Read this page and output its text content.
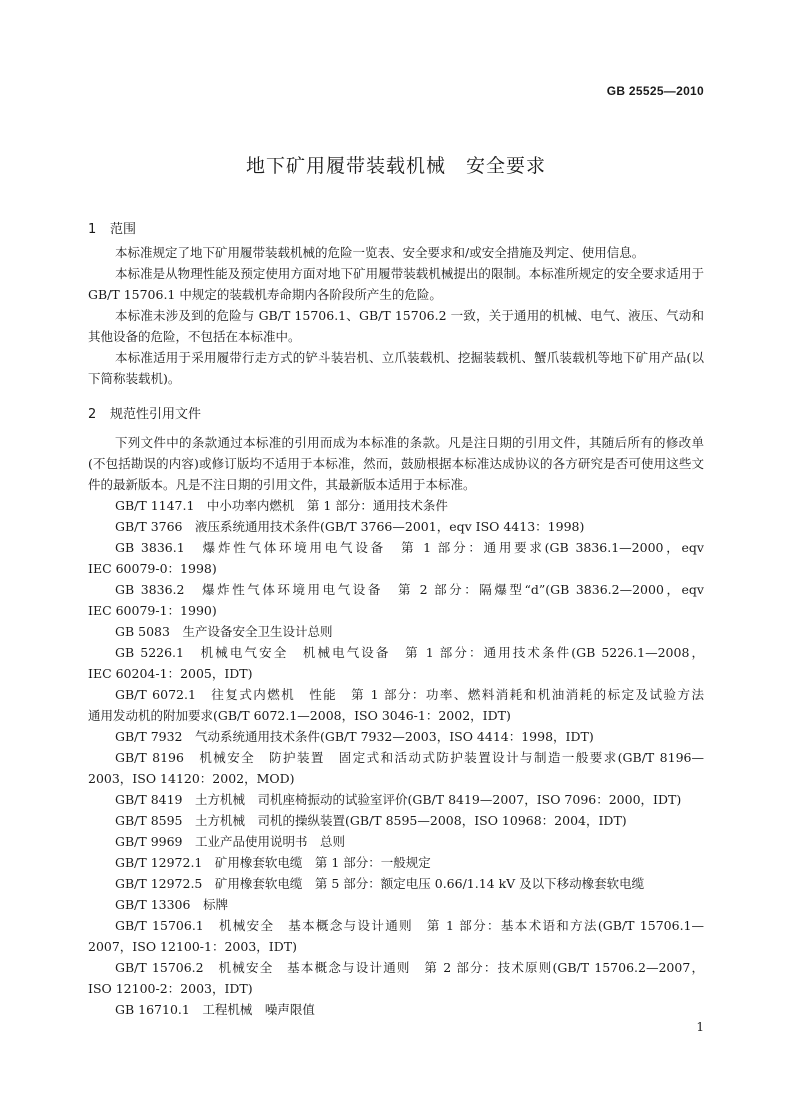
GB 25525—2010
地下矿用履带装载机械　安全要求
1 范围

本标准规定了地下矿用履带装载机械的危险一览表、安全要求和/或安全措施及判定、使用信息。

本标准是从物理性能及预定使用方面对地下矿用履带装载机械提出的限制。本标准所规定的安全要求适用于 GB/T 15706.1 中规定的装载机寿命期内各阶段所产生的危险。

本标准未涉及到的危险与 GB/T 15706.1、GB/T 15706.2 一致，关于通用的机械、电气、液压、气动和其他设备的危险，不包括在本标准中。

本标准适用于采用履带行走方式的铲斗装岩机、立爪装载机、挖掘装载机、蟹爪装载机等地下矿用产品(以下简称装载机)。

2 规范性引用文件

下列文件中的条款通过本标准的引用而成为本标准的条款。凡是注日期的引用文件，其随后所有的修改单(不包括勘误的内容)或修订版均不适用于本标准，然而，鼓励根据本标准达成协议的各方研究是否可使用这些文件的最新版本。凡是不注日期的引用文件，其最新版本适用于本标准。

GB/T 1147.1　中小功率内燃机　第 1 部分：通用技术条件

GB/T 3766　液压系统通用技术条件(GB/T 3766—2001，eqv ISO 4413：1998)

GB 3836.1　爆炸性气体环境用电气设备　第 1 部分：通用要求(GB 3836.1—2000，eqv

IEC 60079-0：1998)

GB 3836.2　爆炸性气体环境用电气设备　第 2 部分：隔爆型“d”(GB 3836.2—2000，eqv

IEC 60079-1：1990)

GB 5083　生产设备安全卫生设计总则

GB 5226.1　机械电气安全　机械电气设备　第 1 部分：通用技术条件(GB 5226.1—2008，

IEC 60204-1：2005，IDT)

GB/T 6072.1　往复式内燃机　性能　第 1 部分：功率、燃料消耗和机油消耗的标定及试验方法

通用发动机的附加要求(GB/T 6072.1—2008，ISO 3046-1：2002，IDT)

GB/T 7932　气动系统通用技术条件(GB/T 7932—2003，ISO 4414：1998，IDT)

GB/T 8196　机械安全　防护装置　固定式和活动式防护装置设计与制造一般要求(GB/T 8196—

2003，ISO 14120：2002，MOD)

GB/T 8419　土方机械　司机座椅振动的试验室评价(GB/T 8419—2007，ISO 7096：2000，IDT)

GB/T 8595　土方机械　司机的操纵装置(GB/T 8595—2008，ISO 10968：2004，IDT)

GB/T 9969　工业产品使用说明书　总则

GB/T 12972.1　矿用橡套软电缆　第 1 部分：一般规定

GB/T 12972.5　矿用橡套软电缆　第 5 部分：额定电压 0.66/1.14 kV 及以下移动橡套软电缆

GB/T 13306　标牌

GB/T 15706.1　机械安全　基本概念与设计通则　第 1 部分：基本术语和方法(GB/T 15706.1—

2007，ISO 12100-1：2003，IDT)

GB/T 15706.2　机械安全　基本概念与设计通则　第 2 部分：技术原则(GB/T 15706.2—2007，

ISO 12100-2：2003，IDT)

GB 16710.1　工程机械　噪声限值

1
